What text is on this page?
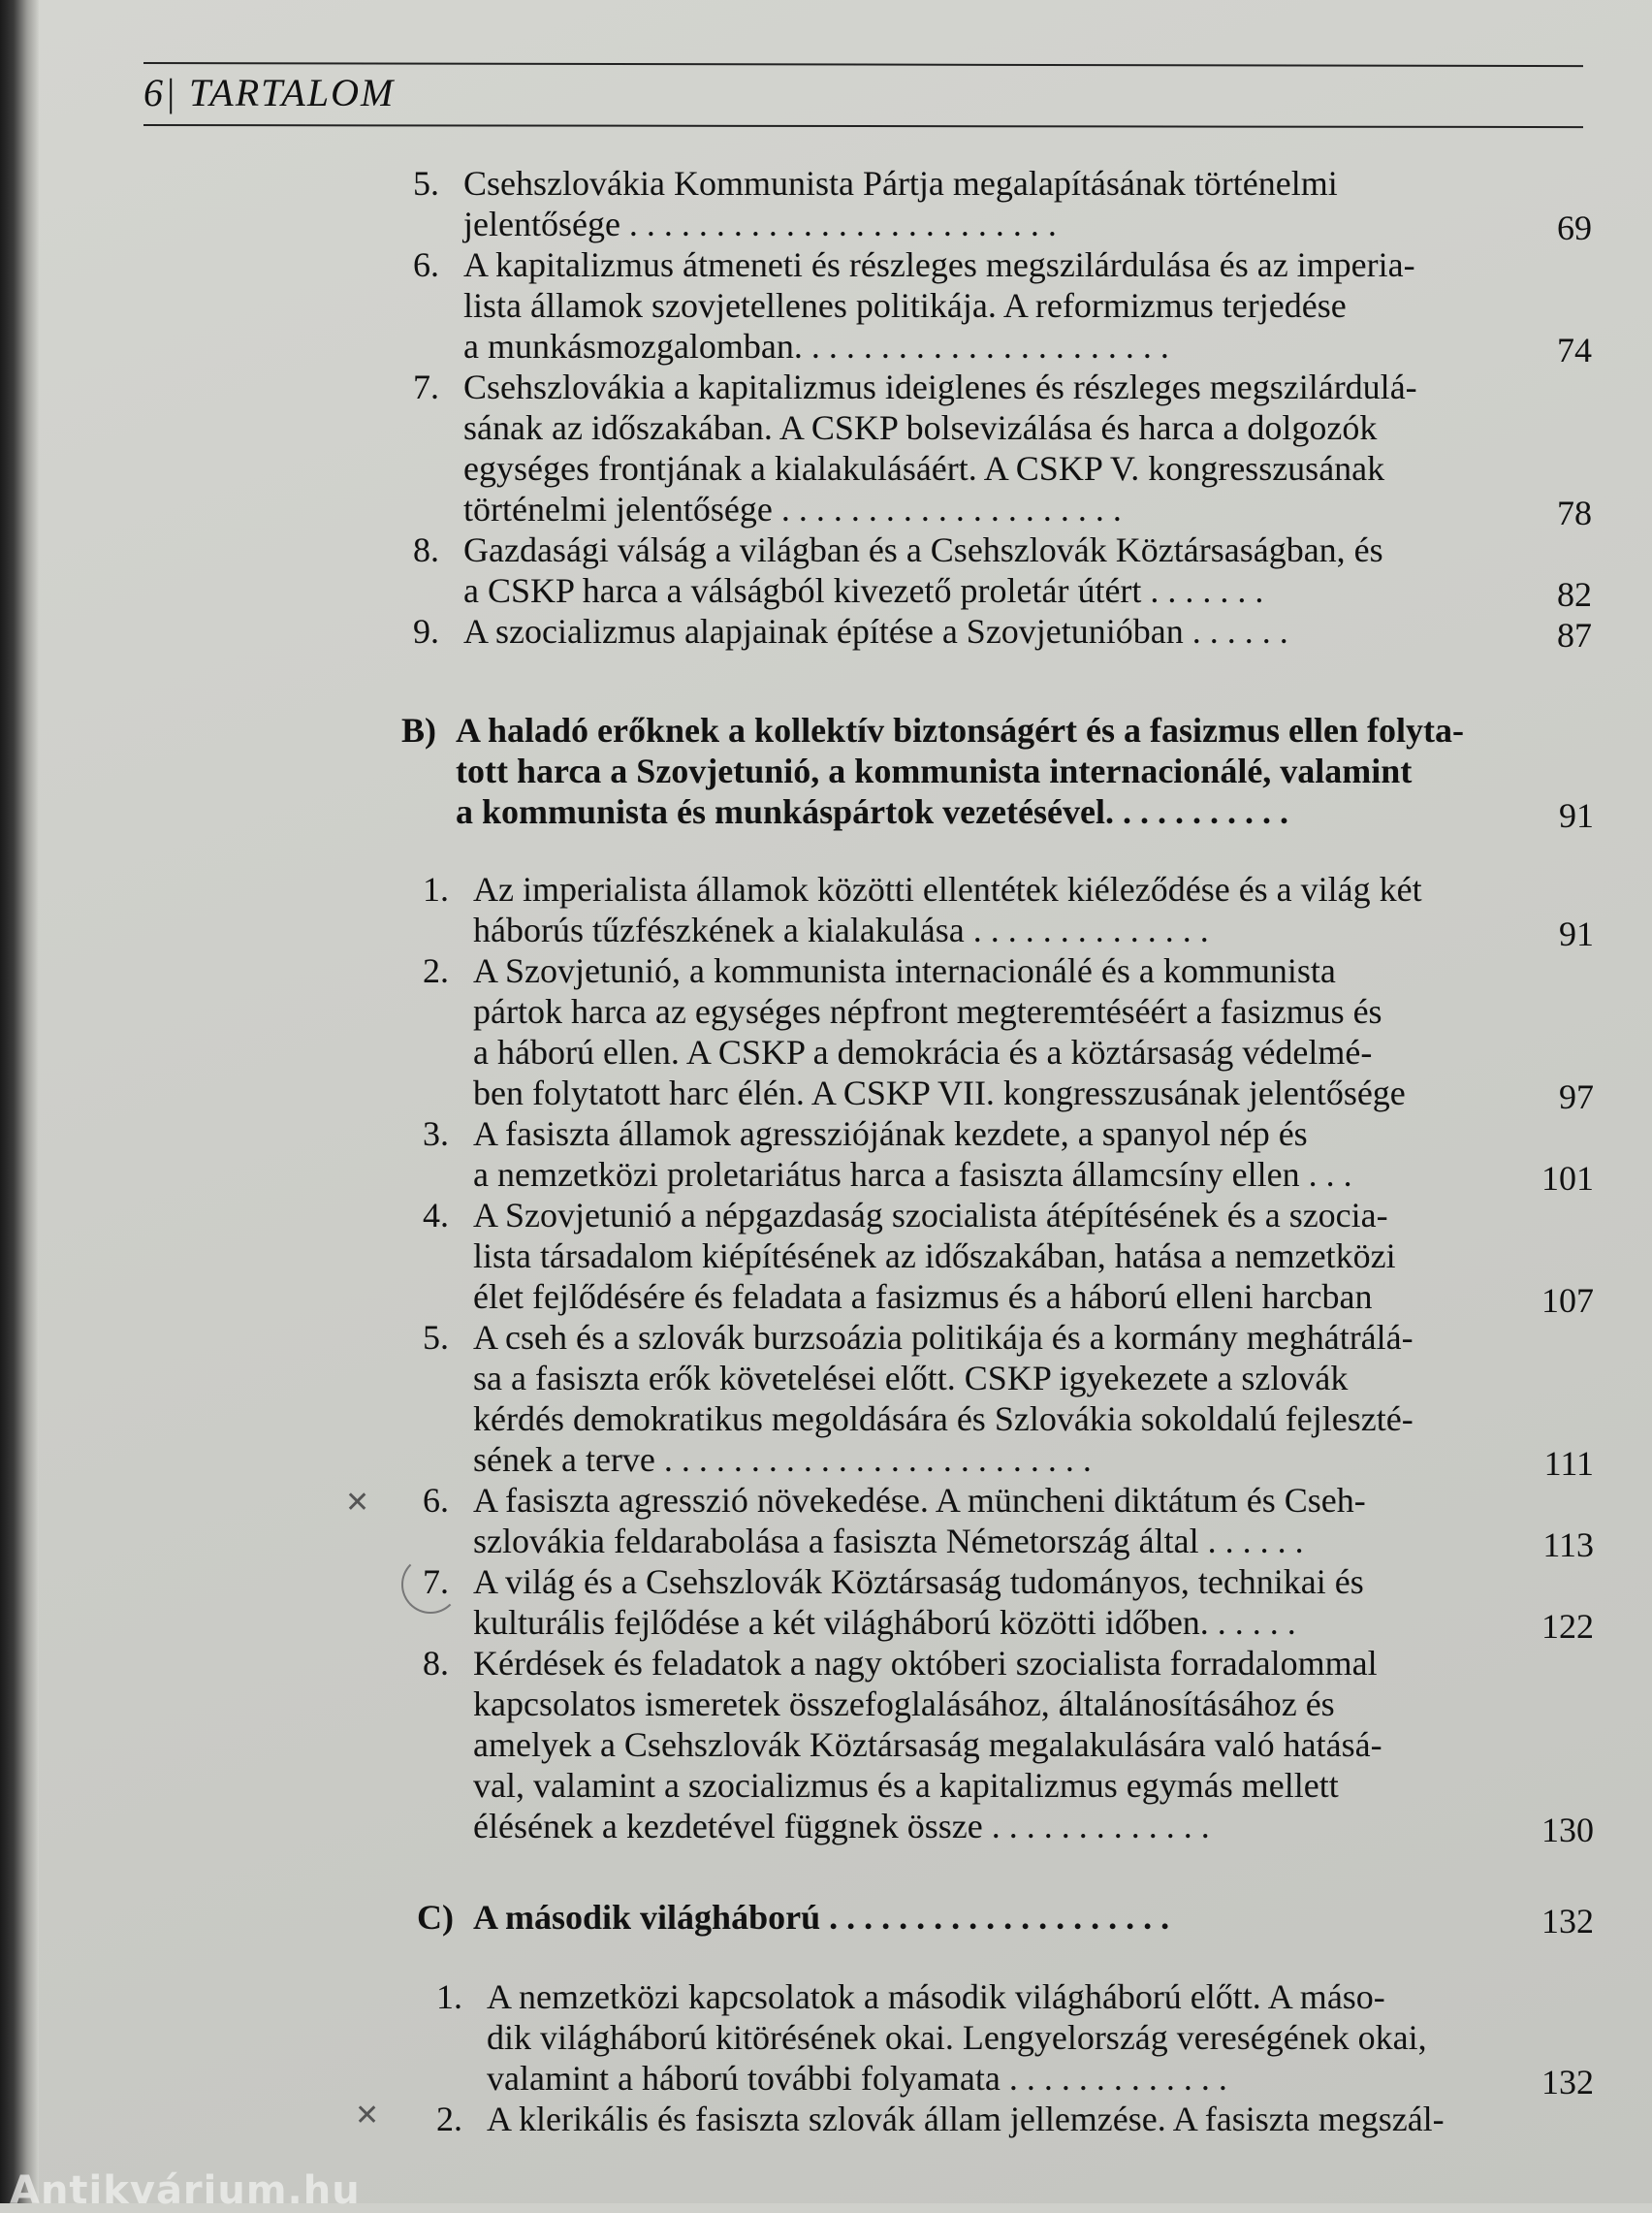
6| TARTALOM
5. Csehszlovákia Kommunista Pártja megalapításának történelmi
jelentősége . . . . . . . . . . . . . . . . . . . . . . . . .	69
6. A kapitalizmus átmeneti és részleges megszilárdulása és az imperia-
lista államok szovjetellenes politikája. A reformizmus terjedése
a munkásmozgalomban. . . . . . . . . . . . . . . . . . . . . .	74
7. Csehszlovákia a kapitalizmus ideiglenes és részleges megszilárdulá-
sának az időszakában. A CSKP bolsevizálása és harca a dolgozók
egységes frontjának a kialakulásáért. A CSKP V. kongresszusának
történelmi jelentősége . . . . . . . . . . . . . . . . . . . .	78
8. Gazdasági válság a világban és a Csehszlovák Köztársaságban, és
a CSKP harca a válságból kivezető proletár útért . . . . . . .	82
9. A szocializmus alapjainak építése a Szovjetunióban . . . . . .	87
B) A haladó erőknek a kollektív biztonságért és a fasizmus ellen folyta-
tott harca a Szovjetunió, a kommunista internacionálé, valamint
a kommunista és munkáspártok vezetésével. . . . . . . . . . .	91
1. Az imperialista államok közötti ellentétek kiéleződése és a világ két
háborús tűzfészkének a kialakulása . . . . . . . . . . . . . .	91
2. A Szovjetunió, a kommunista internacionálé és a kommunista
pártok harca az egységes népfront megteremtéséért a fasizmus és
a háború ellen. A CSKP a demokrácia és a köztársaság védelmé-
ben folytatott harc élén. A CSKP VII. kongresszusának jelentősége	97
3. A fasiszta államok agressziójának kezdete, a spanyol nép és
a nemzetközi proletariátus harca a fasiszta államcsíny ellen . . .	101
4. A Szovjetunió a népgazdaság szocialista átépítésének és a szocia-
lista társadalom kiépítésének az időszakában, hatása a nemzetközi
élet fejlődésére és feladata a fasizmus és a háború elleni harcban	107
5. A cseh és a szlovák burzsoázia politikája és a kormány meghátrálá-
sa a fasiszta erők követelései előtt. CSKP igyekezete a szlovák
kérdés demokratikus megoldására és Szlovákia sokoldalú fejleszté-
sének a terve . . . . . . . . . . . . . . . . . . . . . . . . .	111
6. A fasiszta agresszió növekedése. A müncheni diktátum és Cseh-
szlovákia feldarabolása a fasiszta Németország által . . . . . .	113
7. A világ és a Csehszlovák Köztársaság tudományos, technikai és
kulturális fejlődése a két világháború közötti időben. . . . . .	122
8. Kérdések és feladatok a nagy októberi szocialista forradalommal
kapcsolatos ismeretek összefoglalásához, általánosításához és
amelyek a Csehszlovák Köztársaság megalakulására való hatásá-
val, valamint a szocializmus és a kapitalizmus egymás mellett
élésének a kezdetével függnek össze . . . . . . . . . . . . .	130
C) A második világháború . . . . . . . . . . . . . . . . . . . .	132
1. A nemzetközi kapcsolatok a második világháború előtt. A máso-
dik világháború kitörésének okai. Lengyelország vereségének okai,
valamint a háború további folyamata . . . . . . . . . . . . .	132
2. A klerikális és fasiszta szlovák állam jellemzése. A fasiszta megszál-
✕
✕
Antikvárium.hu
